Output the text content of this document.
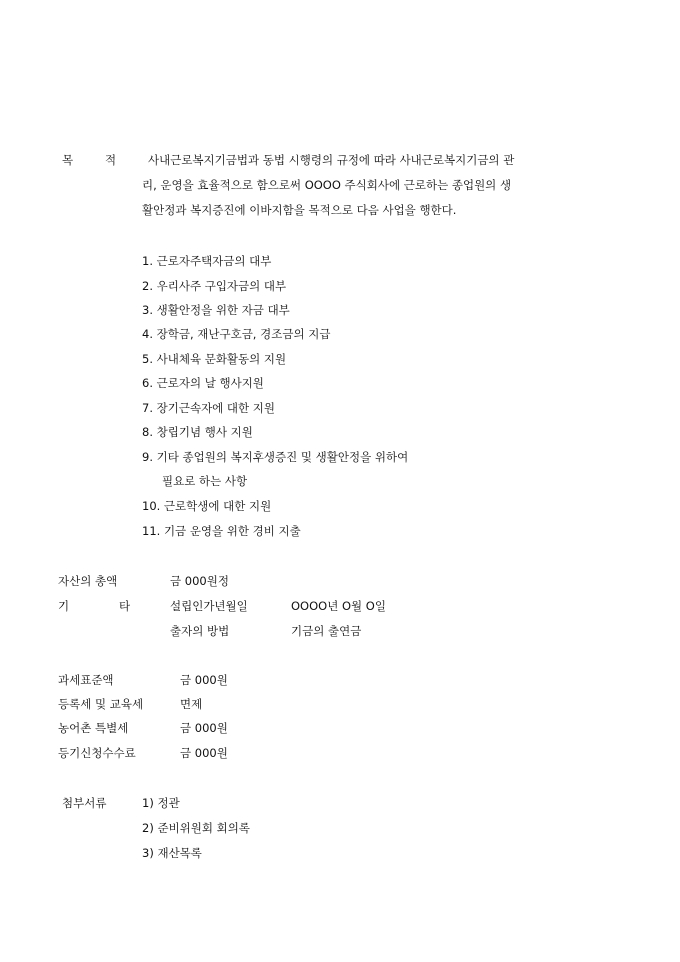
목	적	사내근로복지기금법과 동법 시행령의 규정에 따라 사내근로복지기금의 관
리, 운영을 효율적으로 함으로써 OOOO 주식회사에 근로하는 종업원의 생
활안정과 복지증진에 이바지함을 목적으로 다음 사업을 행한다.
1. 근로자주택자금의 대부
2. 우리사주 구입자금의 대부
3. 생활안정을 위한 자금 대부
4. 장학금, 재난구호금, 경조금의 지급
5. 사내체육 문화활동의 지원
6. 근로자의 날 행사지원
7. 장기근속자에 대한 지원
8. 창립기념 행사 지원
9. 기타 종업원의 복지후생증진 및 생활안정을 위하여
필요로 하는 사항
10. 근로학생에 대한 지원
11. 기금 운영을 위한 경비 지출
자산의 총액	금 000원정
기	타	설립인가년월일	OOOO년 O월 O일
출자의 방법	기금의 출연금
과세표준액	금 000원
등록세 및 교육세	면제
농어촌 특별세	금 000원
등기신청수수료	금 000원
첨부서류	1) 정관
2) 준비위원회 회의록
3) 재산목록
